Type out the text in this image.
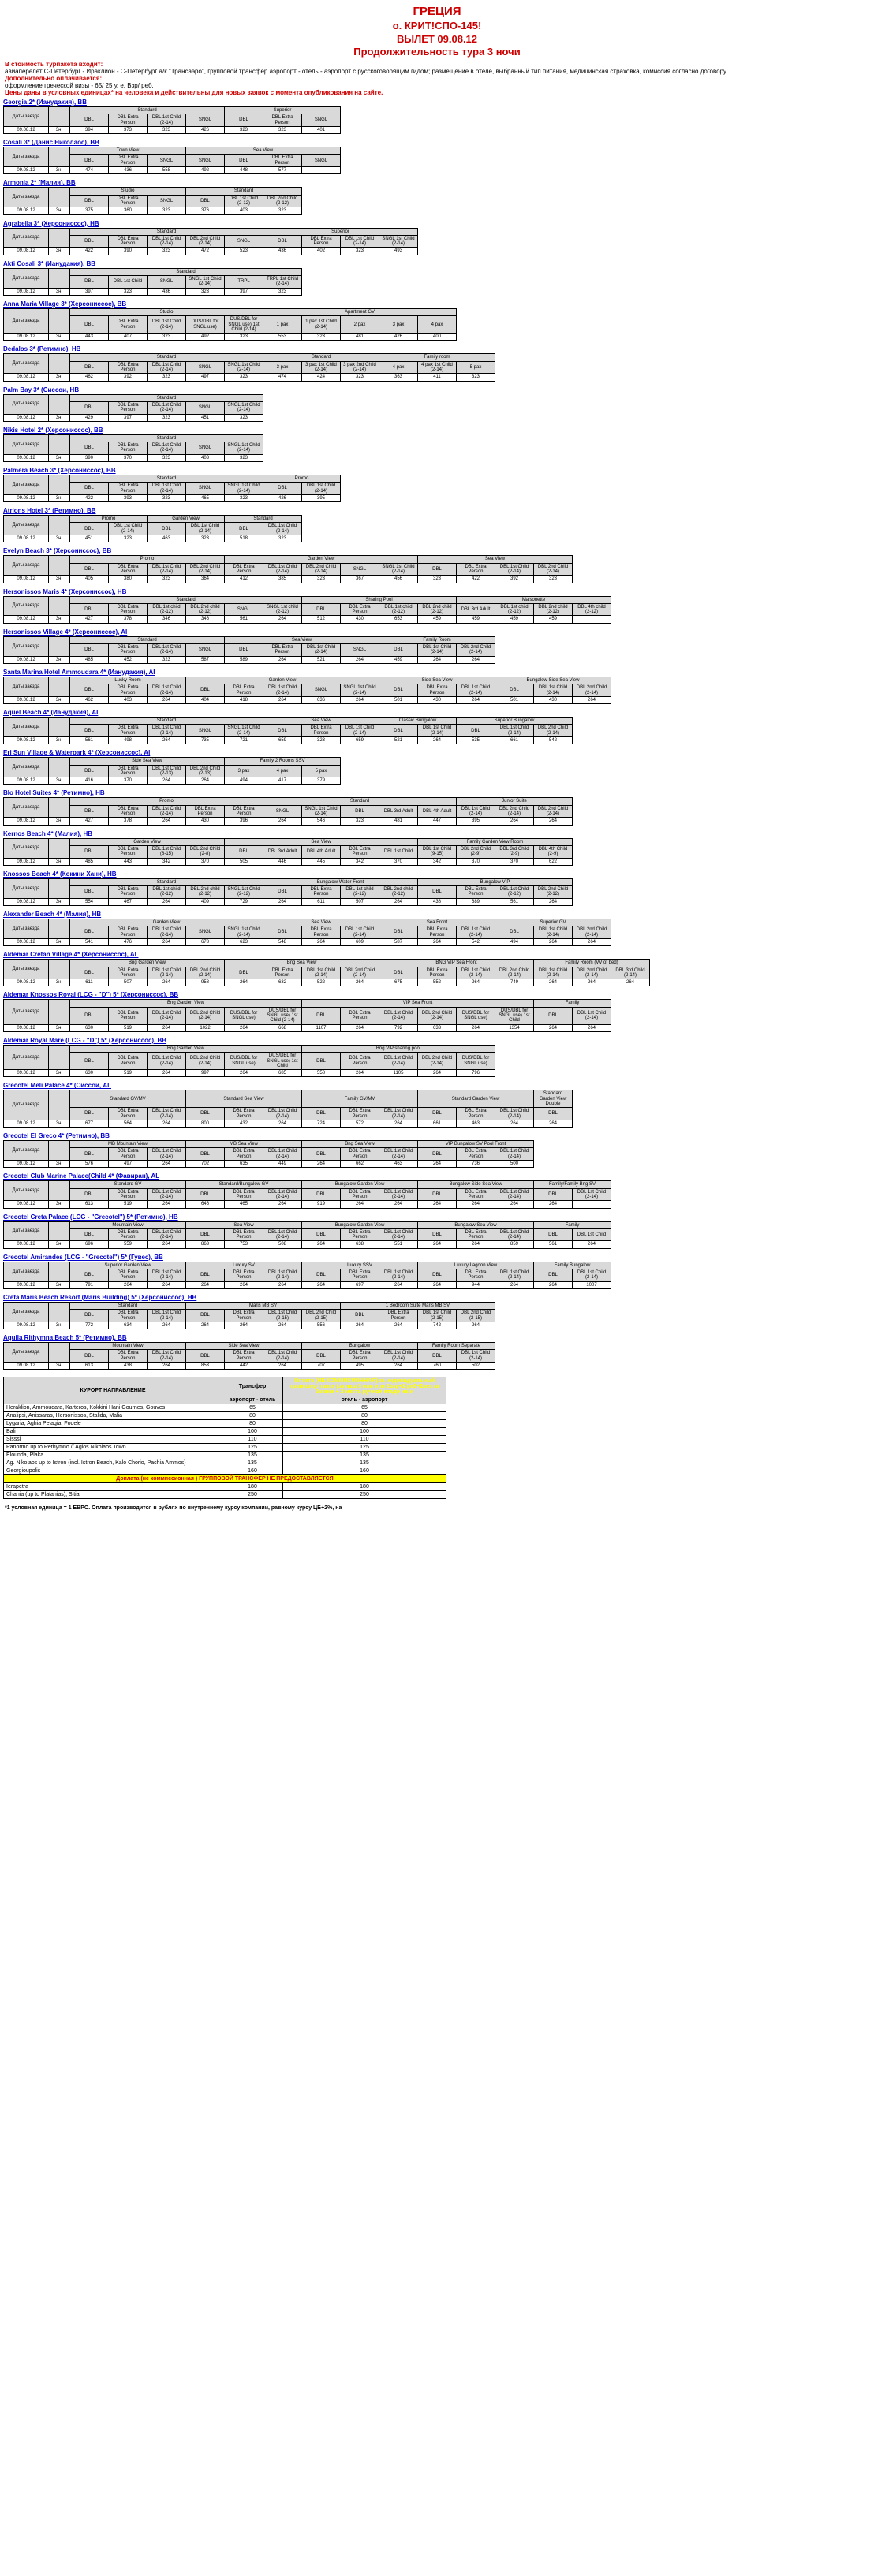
ГРЕЦИЯ
о. КРИТ!СПО-145!
ВЫЛЕТ 09.08.12
Продолжительность тура 3 ночи
В стоимость турпакета входит:
авиаперелет С-Петербург - Ираклион - С-Петербург а/к "Трансаэро", групповой трансфер аэропорт - отель - аэропорт с русскоговорящим гидом; размещение в отеле, выбранный тип питания, медицинская страховка, комиссия согласно договору
Дополнительно оплачивается:
оформление греческой визы - 65/ 25 у. е. Взр/ реб.
Цены даны в условных единицах* на человека и действительны для новых заявок с момента опубликования на сайте.
Georgia 2* (Ианудакия), BB
Даты заезда		Standard				Superior		
		DBL	DBL Extra Person	DBL 1st Child (2-14)	SNGL	DBL	DBL Extra Person	SNGL
09.08.12	3н.	394	373	323	426	323	323	401
Cosali 3* (Данис Николаос), BB
Даты заезда		Town View			Sea View			
		DBL	DBL Extra Person	SNGL	SNGL	DBL	DBL Extra Person	SNGL
09.08.12	3н.	474	436	558	492	448	577	
Armonia 2* (Малия), BB
Даты заезда		Studio			Standard		
		DBL	DBL Extra Person	SNGL	DBL	DBL 1st Child (2-12)	DBL 2nd Child (2-12)
09.08.12	3н.	375	360	323	376	403	323
Agrabella 3* (Херсониссос), HB
Даты заезда		Standard					Superior			
		DBL	DBL Extra Person	DBL 1st Child (2-14)	DBL 2nd Child (2-14)	SNGL	DBL	DBL Extra Person	DBL 1st Child (2-14)	SNGL 1st Child (2-14)
09.08.12	3н.	422	390	323	472	523	436	402	323	493
Akti Cosali 3* (Ианудакия), BB
Даты заезда		Standard					
		DBL	DBL 1st Child	SNGL	SNGL 1st Child (2-14)	TRPL	TRPL 1st Child (2-14)
09.08.12	3н.	397	323	436	323	397	323
Anna Maria Village 3* (Херсониссос), BB
Даты заезда		Studio					Apartment GV				
		DBL	DBL Extra Person	DBL 1st Child (2-14)	DUS/DBL for SNGL use)	DUS/DBL for SNGL use) 1st Child (2-14)	1 pax	1 pax 1st Child (2-14)	2 pax	3 pax	4 pax
09.08.12	3н.	443	407	323	492	323	553	323	481	426	400
Dedalos 3* (Ретимно), HB
Даты заезда		Standard					Standard			Family room		
		DBL	DBL Extra Person	DBL 1st Child (2-14)	SNGL	SNGL 1st Child (2-14)	3 pax	3 pax 1st Child (2-14)	3 pax 2nd Child (2-14)	4 pax	4 pax 1st Child (2-14)	5 pax
09.08.12	3н.	462	392	323	497	323	474	424	323	363	411	323
Palm Bay 3* (Сиссои, HB
Даты заезда		Standard				
		DBL	DBL Extra Person	DBL 1st Child (2-14)	SNGL	SNGL 1st Child (2-14)
09.08.12	3н.	429	397	323	451	323
Nikis Hotel 2* (Херсониссос), BB
Даты заезда		Standard				
		DBL	DBL Extra Person	DBL 1st Child (2-14)	SNGL	SNGL 1st Child (2-14)
09.08.12	3н.	390	370	323	403	323
Palmera Beach 3* (Херсониссос), BB
Даты заезда		Standard					Promo	
		DBL	DBL Extra Person	DBL 1st Child (2-14)	SNGL	SNGL 1st Child (2-14)	DBL	DBL 1st Child (2-14)
09.08.12	3н.	422	393	323	465	323	426	395
Atrions Hotel 3* (Ретимно), BB
Даты заезда		Promo		Garden View		Standard	
		DBL	DBL 1st Child (2-14)	DBL	DBL 1st Child (2-14)	DBL	DBL 1st Child (2-14)
09.08.12	3н.	451	323	463	323	518	323
Evelyn Beach 3* (Херсониссос), BB
Даты заезда		Promo				Garden View					Sea View			
		DBL	DBL Extra Person	DBL 1st Child (2-14)	DBL 2nd Child (2-14)	DBL Extra Person	DBL 1st Child (2-14)	DBL 2nd Child (2-14)	SNGL	SNGL 1st Child (2-14)	DBL	DBL Extra Person	DBL 1st Child (2-14)	DBL 2nd Child (2-14)
09.08.12	3н.	405	380	323	364	412	385	323	367	456	323	422	392	323
Hersonissos Maris 4* (Херсониссос), HB
Даты заезда		Standard						Sharing Pool				Maisonette			
		DBL	DBL Extra Person	DBL 1st child (2-12)	DBL 2nd child (2-12)	SNGL	SNGL 1st child (2-12)	DBL	DBL Extra Person	DBL 1st child (2-12)	DBL 2nd child (2-12)	DBL 3rd Adult	DBL 1st child (2-12)	DBL 2nd child (2-12)	DBL 4th child (2-12)
09.08.12	3н.	427	378	346	346	561	264	512	430	653	459	459	459	459	
Hersonissos Village 4* (Херсониссос), AI
Даты заезда		Standard				Sea View				Family Room		
		DBL	DBL Extra Person	DBL 1st Child (2-14)	SNGL	DBL	DBL Extra Person	DBL 1st Child (2-14)	SNGL	DBL	DBL 1st Child (2-14)	DBL 2nd Child (2-14)
09.08.12	3н.	485	452	323	587	589	264	521	264	459	264	264
Santa Marina Hotel Ammoudara 4* (Ианудакия), AI
Даты заезда		Lucky Room			Garden View					Side Sea View			Bungalow Side Sea View		
		DBL	DBL Extra Person	DBL 1st Child (2-14)	DBL	DBL Extra Person	DBL 1st Child (2-14)	SNGL	SNGL 1st Child (2-14)	DBL	DBL Extra Person	DBL 1st Child (2-14)	DBL	DBL 1st Child (2-14)	DBL 2nd Child (2-14)
09.08.12	3н.	462	403	264	404	418	264	636	264	501	430	264	501	430	264
Aquel Beach 4* (Ианудакия), AI
Даты заезда		Standard					Sea View			Classic Bungalow		Superior Bungalow		
		DBL	DBL Extra Person	DBL 1st Child (2-14)	SNGL	SNGL 1st Child (2-14)	DBL	DBL Extra Person	DBL 1st Child (2-14)	DBL	DBL 1st Child (2-14)	DBL	DBL 1st Child (2-14)	DBL 2nd Child (2-14)
09.08.12	3н.	561	498	264	735	721	659	323	659	521	264	535	661	542
Eri Sun Village & Waterpark 4* (Херсониссос), AI
Даты заезда		Side Sea View				Family 2 Rooms SSV		
		DBL	DBL Extra Person	DBL 1st Child (2-13)	DBL 2nd Child (2-13)	3 pax	4 pax	5 pax
09.08.12	3н.	416	370	264	264	494	417	379
Blo Hotel Suites 4* (Ретимно), HB
Даты заезда		Promo					Standard					Junior Suite		
		DBL	DBL Extra Person	DBL 1st Child (2-14)	DBL Extra Person	DBL Extra Person	SNGL	SNGL 1st Child (2-14)	DBL	DBL 3rd Adult	DBL 4th Adult	DBL 1st Child (2-14)	DBL 2nd Child (2-14)	DBL 2nd Child (2-14)
09.08.12	3н.	427	378	264	430	396	264	546	323	481	447	395	264	264
Kernos Beach 4* (Малия), HB
Даты заезда		Garden View				Sea View					Family Garden View Room			
		DBL	DBL Extra Person	DBL 1st Child (8-15)	DBL 2nd Child (2-8)	DBL	DBL 3rd Adult	DBL 4th Adult	DBL Extra Person	DBL 1st Child	DBL 1st Child (9-15)	DBL 2nd Child (2-9)	DBL 3rd Child (2-9)	DBL 4th Child (2-9)
09.08.12	3н.	485	443	342	370	505	446	445	342	370	342	370	370	622
Knossos Beach 4* (Кокини Хани), HB
Даты заезда		Standard					Bungalow Water Front				Bungalow VIP			
		DBL	DBL Extra Person	DBL 1st child (2-12)	DBL 2nd child (2-12)	SNGL 1st Child (2-12)	DBL	DBL Extra Person	DBL 1st child (2-12)	DBL 2nd child (2-12)	DBL	DBL Extra Person	DBL 1st Child (2-12)	DBL 2nd Child (2-12)
09.08.12	3н.	554	467	264	409	729	264	611	507	264	438	689	561	264
Alexander Beach 4* (Малия), HB
Даты заезда		Garden View					Sea View			Sea Front			Superior GV		
		DBL	DBL Extra Person	DBL 1st Child (2-14)	SNGL	SNGL 1st Child (2-14)	DBL	DBL Extra Person	DBL 1st Child (2-14)	DBL	DBL Extra Person	DBL 1st Child (2-14)	DBL	DBL 1st Child (2-14)	DBL 2nd Child (2-14)
09.08.12	3н.	541	476	264	678	623	548	264	609	587	264	542	494	264	264
Aldemar Cretan Village 4* (Херсониссос), AL
Даты заезда		Bng Garden View				Bng Sea View				BNG VIP Sea Front				Family Room (VV of bed)		
		DBL	DBL Extra Person	DBL 1st Child (2-14)	DBL 2nd Child (2-14)	DBL	DBL Extra Person	DBL 1st Child (2-14)	DBL 2nd Child (2-14)	DBL	DBL Extra Person	DBL 1st Child (2-14)	DBL 2nd Child (2-14)	DBL 1st Child (2-14)	DBL 2nd Child (2-14)	DBL 3rd Child (2-14)
09.08.12	3н.	611	507	264	958	264	632	522	264	675	552	264	749	264	264	264
Aldemar Knossos Royal (LCG - "D") 5* (Херсониссос), BB
Даты заезда		Bng Garden View						VIP Sea Front						Family	
		DBL	DBL Extra Person	DBL 1st Child (2-14)	DBL 2nd Child (2-14)	DUS/DBL for SNGL use)	DUS/DBL for SNGL use) 1st Child (2-14)	DBL	DBL Extra Person	DBL 1st Child (2-14)	DBL 2nd Child (2-14)	DUS/DBL for SNGL use)	DUS/DBL for SNGL use) 1st Child	DBL	DBL 1st Child (2-14)
09.08.12	3н.	630	519	264	1022	264	668	1107	264	792	633	264	1354	264	264
Aldemar Royal Mare (LCG - "D") 5* (Херсониссос), BB
Даты заезда		Bng Garden View						Bng VIP sharing pool				
		DBL	DBL Extra Person	DBL 1st Child (2-14)	DBL 2nd Child (2-14)	DUS/DBL for SNGL use)	DUS/DBL for SNGL use) 1st Child	DBL	DBL Extra Person	DBL 1st Child (2-14)	DBL 2nd Child (2-14)	DUS/DBL for SNGL use)
09.08.12	3н.	630	519	264	997	264	685	558	264	1105	264	796
Grecotel Meli Palace 4* (Сиссои, AL
Даты заезда		Standard GV/MV			Standard Sea View			Family GV/MV			Standard Garden View			Standard Garden View Double
		DBL	DBL Extra Person	DBL 1st Child (2-14)	DBL	DBL Extra Person	DBL 1st Child (2-14)	DBL	DBL Extra Person	DBL 1st Child (2-14)	DBL	DBL Extra Person	DBL 1st Child (2-14)	DBL
09.08.12	3н.	677	564	264	800	432	264	724	572	264	661	463	264	264
Grecotel El Greco 4* (Ретимно), BB
Даты заезда		MB Mountain View			MB Sea View			Bng Sea View			VIP Bungalow SV Pool Front		
		DBL	DBL Extra Person	DBL 1st Child (2-14)	DBL	DBL Extra Person	DBL 1st Child (2-14)	DBL	DBL Extra Person	DBL 1st Child (2-14)	DBL	DBL Extra Person	DBL 1st Child (2-14)
09.08.12	3н.	576	497	264	702	635	449	264	662	463	264	736	500
Grecotel Club Marine Palace(Child 4* (Фавиран), AL
Даты заезда		Standard GV			Standard/Bungalow GV			Bungalow Garden View			Bungalow Side Sea View			Family/Family Bng SV	
		DBL	DBL Extra Person	DBL 1st Child (2-14)	DBL	DBL Extra Person	DBL 1st Child (2-14)	DBL	DBL Extra Person	DBL 1st Child (2-14)	DBL	DBL Extra Person	DBL 1st Child (2-14)	DBL	DBL 1st Child (2-14)
09.08.12	3н.	613	519	264	646	465	264	919	264	264	264	264	264	264	
Grecotel Creta Palace (LCG - "Grecotel") 5* (Ретимно), HB
Даты заезда		Mountain View			Sea View			Bungalow Garden View			Bungalow Sea View			Family	
		DBL	DBL Extra Person	DBL 1st Child (2-14)	DBL	DBL Extra Person	DBL 1st Child (2-14)	DBL	DBL Extra Person	DBL 1st Child (2-14)	DBL	DBL Extra Person	DBL 1st Child (2-14)	DBL	DBL 1st Child
09.08.12	3н.	696	559	264	863	753	508	264	638	551	264	264	859	561	264
Grecotel Amirandes (LCG - "Grecotel") 5* (Гувес), BB
Даты заезда		Superior Garden View			Luxury SV			Luxury SSV			Luxury Lagoon View			Family Bungalow	
		DBL	DBL Extra Person	DBL 1st Child (2-14)	DBL	DBL Extra Person	DBL 1st Child (2-14)	DBL	DBL Extra Person	DBL 1st Child (2-14)	DBL	DBL Extra Person	DBL 1st Child (2-14)	DBL	DBL 1st Child (2-14)
09.08.12	3н.	791	264	264	264	264	264	264	697	264	264	944	264	264	1007
Creta Maris Beach Resort (Maris Building) 5* (Херсониссос), HB
Даты заезда		Standard			Maris MB SV				1 Bedroom Suite Maris MB SV			
		DBL	DBL Extra Person	DBL 1st Child (2-14)	DBL	DBL Extra Person	DBL 1st Child (2-15)	DBL 2nd Child (2-15)	DBL	DBL Extra Person	DBL 1st Child (2-15)	DBL 2nd Child (2-15)
09.08.12	3н.	772	634	264	264	264	264	556	264	264	742	264
Aquila Rithymna Beach 5* (Ретимно), BB
Даты заезда		Mountain View			Side Sea View			Bungalow			Family Room Separate	
		DBL	DBL Extra Person	DBL 1st Child (2-14)	DBL	DBL Extra Person	DBL 1st Child (2-14)	DBL	DBL Extra Person	DBL 1st Child (2-14)	DBL	DBL 1st Child (2-14)
09.08.12	3н.	613	438	264	853	442	264	707	495	264	760	502
КУРОРТ НАПРАВЛЕНИЕ	Трансфер	Оплата (НЕ КОММИСИОННАЯ) за индивидуальный трансфер- такое (за наш 3 или или 2взр+2 реб+2места багажа + 2 места ручной клади на м
	аэропорт - отель	отель - аэропорт
Heraklion, Ammoudara, Karteros, Kokkini Hani,Gournes, Gouves	65	65
Analipsi, Anissaras, Hersonissos, Stalida, Malia	80	80
Lygaria, Aghia Pelagia, Fodele	80	80
Bali	100	100
Sisssi	110	110
Panormo up to Rethymno // Agios Nikolaos Town	125	125
Elounda, Plaka	135	135
Ag. Nikolaos up to Istron (incl. Istron Beach, Kalo Chorio, Pachia Ammos)	135	135
Georgioupolis	160	160
Доплата (не коммиссионная ) ГРУППОВОЙ ТРАНСФЕР НЕ ПРЕДОСТАВЛЯЕТСЯ		
Ierapetra	180	180
Chania (up to Platanias), Sitia	250	250
*1 условная единица = 1 ЕВРО. Оплата производится в рублях по внутреннему курсу компании, равному курсу ЦБ+2%, на
